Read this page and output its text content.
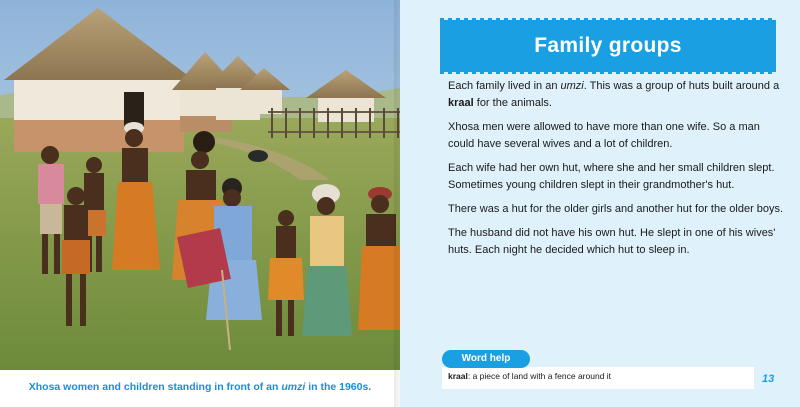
Xhosa women and children standing in front of an umzi in the 1960s.
Family groups

Each family lived in an umzi. This was a group of huts built around a kraal for the animals.

Xhosa men were allowed to have more than one wife. So a man could have several wives and a lot of children.

Each wife had her own hut, where she and her small children slept. Sometimes young children slept in their grandmother's hut.

There was a hut for the older girls and another hut for the older boys.

The husband did not have his own hut. He slept in one of his wives' huts. Each night he decided which hut to sleep in.

kraal: a piece of land with a fence around it
Word help
13
